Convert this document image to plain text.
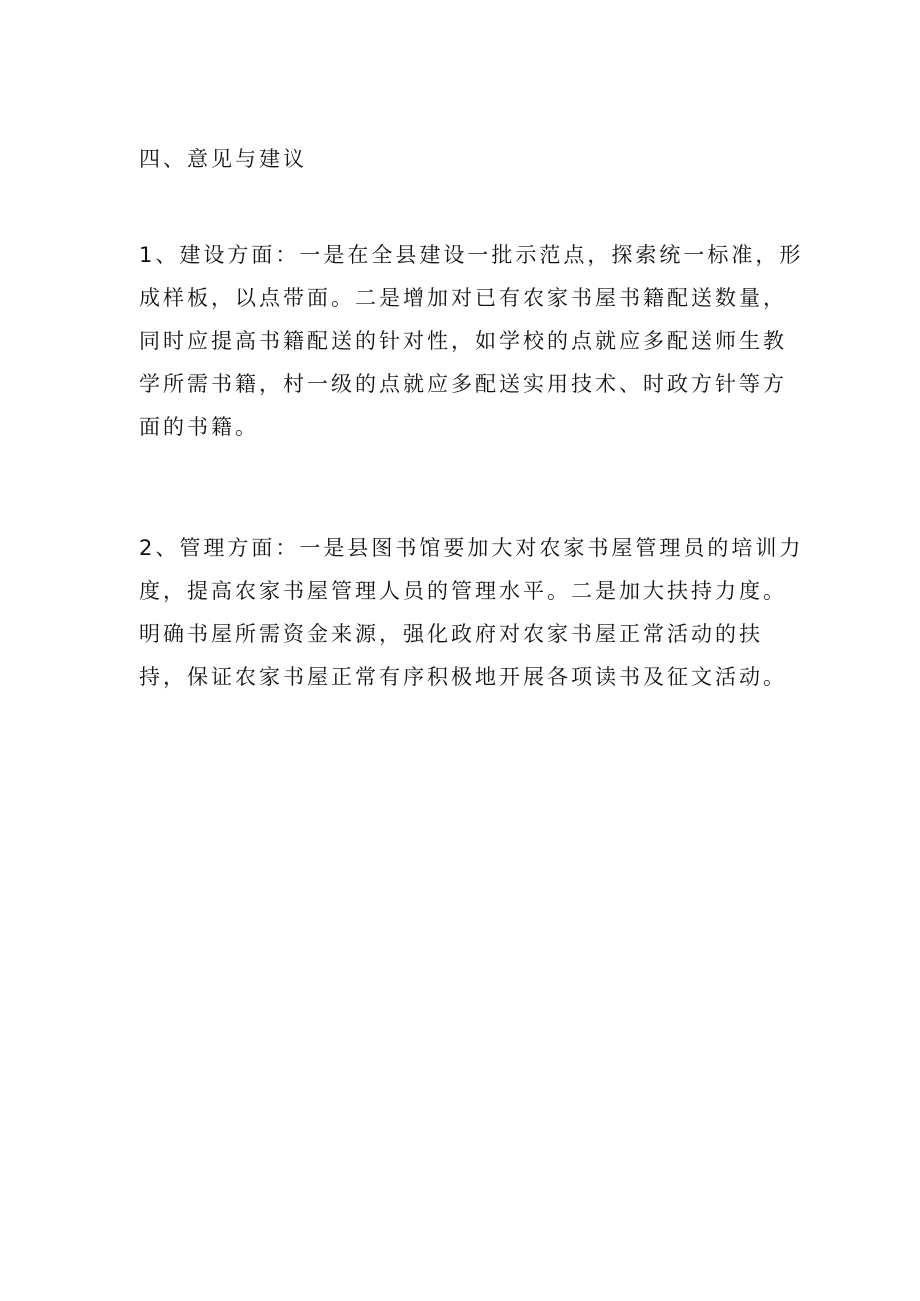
四、意见与建议
1、建设方面：一是在全县建设一批示范点，探索统一标准，形
成样板，以点带面。二是增加对已有农家书屋书籍配送数量，
同时应提高书籍配送的针对性，如学校的点就应多配送师生教
学所需书籍，村一级的点就应多配送实用技术、时政方针等方
面的书籍。
2、管理方面：一是县图书馆要加大对农家书屋管理员的培训力
度，提高农家书屋管理人员的管理水平。二是加大扶持力度。
明确书屋所需资金来源，强化政府对农家书屋正常活动的扶
持，保证农家书屋正常有序积极地开展各项读书及征文活动。
